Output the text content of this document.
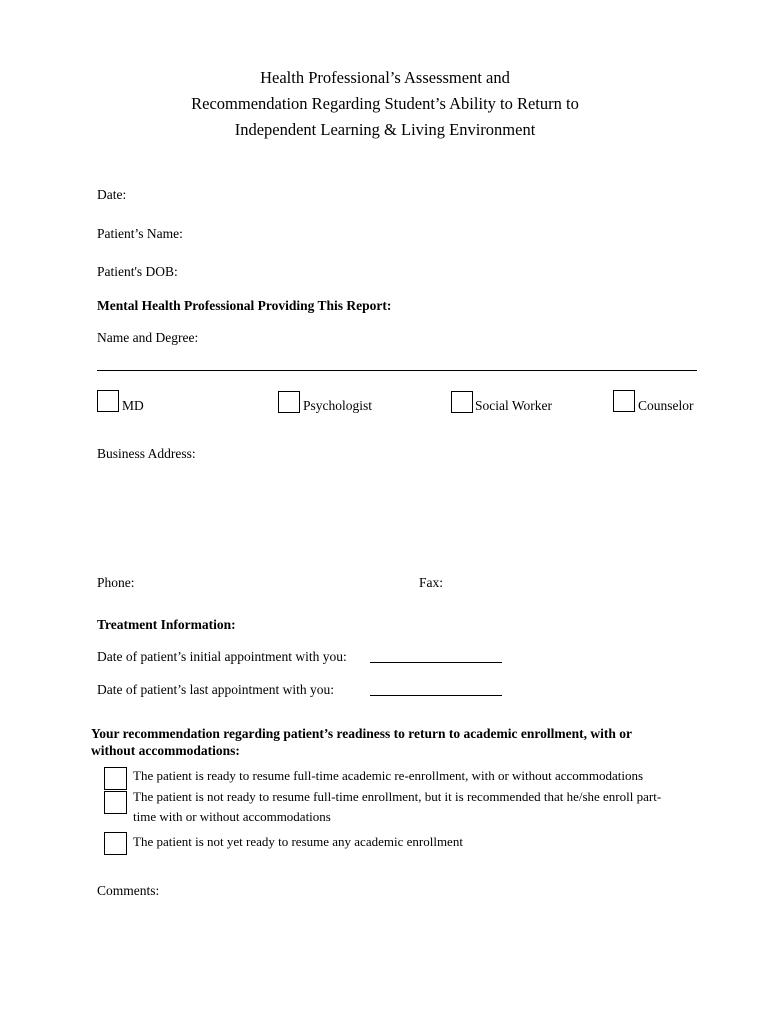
Health Professional’s Assessment and
Recommendation Regarding Student’s Ability to Return to
Independent Learning & Living Environment
Date:
Patient’s Name:
Patient's DOB:
Mental Health Professional Providing This Report:
Name and Degree:
MD	Psychologist	Social Worker	Counselor
Business Address:
Phone:	Fax:
Treatment Information:
Date of patient’s initial appointment with you:
Date of patient’s last appointment with you:
Your recommendation regarding patient’s readiness to return to academic enrollment, with or
without accommodations:
The patient is ready to resume full-time academic re-enrollment, with or without accommodations
The patient is not ready to resume full-time enrollment, but it is recommended that he/she enroll part-
time with or without accommodations
The patient is not yet ready to resume any academic enrollment
Comments:
